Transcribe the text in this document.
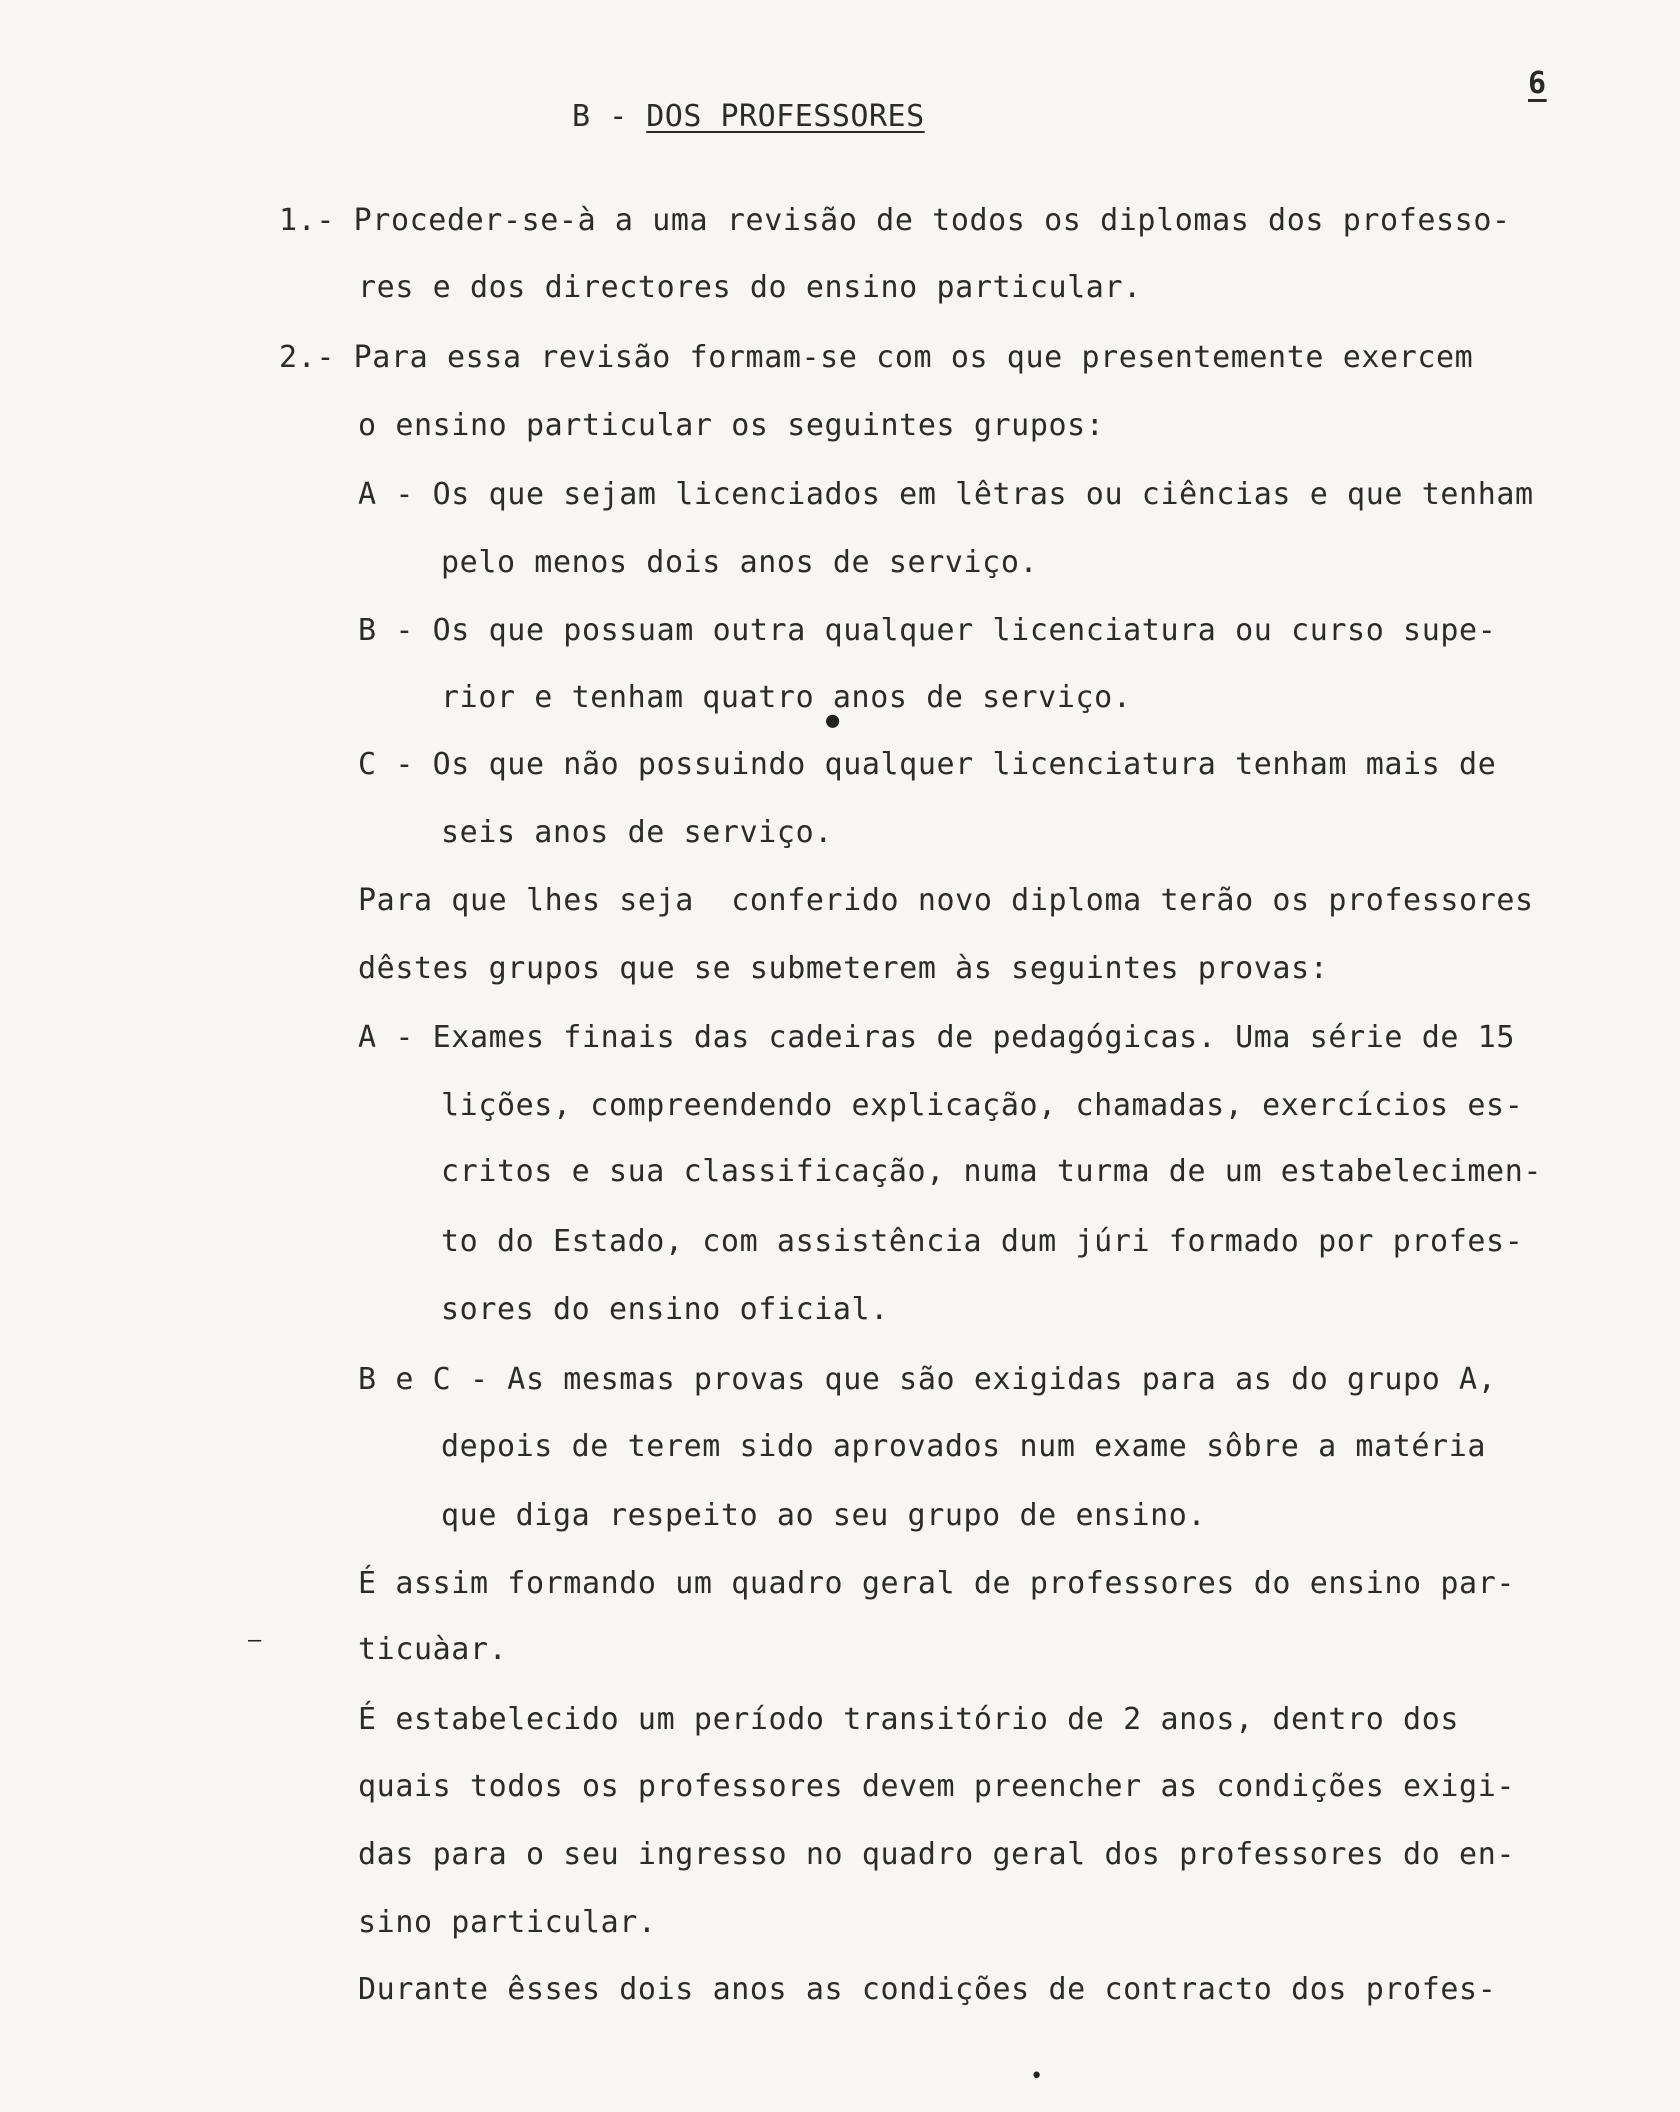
6
B - DOS PROFESSORES
1.- Proceder-se-à a uma revisão de todos os diplomas dos professo-
res e dos directores do ensino particular.
2.- Para essa revisão formam-se com os que presentemente exercem
o ensino particular os seguintes grupos:
A - Os que sejam licenciados em lêtras ou ciências e que tenham
pelo menos dois anos de serviço.
B - Os que possuam outra qualquer licenciatura ou curso supe-
rior e tenham quatro anos de serviço.
C - Os que não possuindo qualquer licenciatura tenham mais de
seis anos de serviço.
Para que lhes seja  conferido novo diploma terão os professores
dêstes grupos que se submeterem às seguintes provas:
A - Exames finais das cadeiras de pedagógicas. Uma série de 15
lições, compreendendo explicação, chamadas, exercícios es-
critos e sua classificação, numa turma de um estabelecimen-
to do Estado, com assistência dum júri formado por profes-
sores do ensino oficial.
B e C - As mesmas provas que são exigidas para as do grupo A,
depois de terem sido aprovados num exame sôbre a matéria
que diga respeito ao seu grupo de ensino.
É assim formando um quadro geral de professores do ensino par-
ticuàar.
É estabelecido um período transitório de 2 anos, dentro dos
quais todos os professores devem preencher as condições exigi-
das para o seu ingresso no quadro geral dos professores do en-
sino particular.
Durante êsses dois anos as condições de contracto dos profes-
●
—
•
